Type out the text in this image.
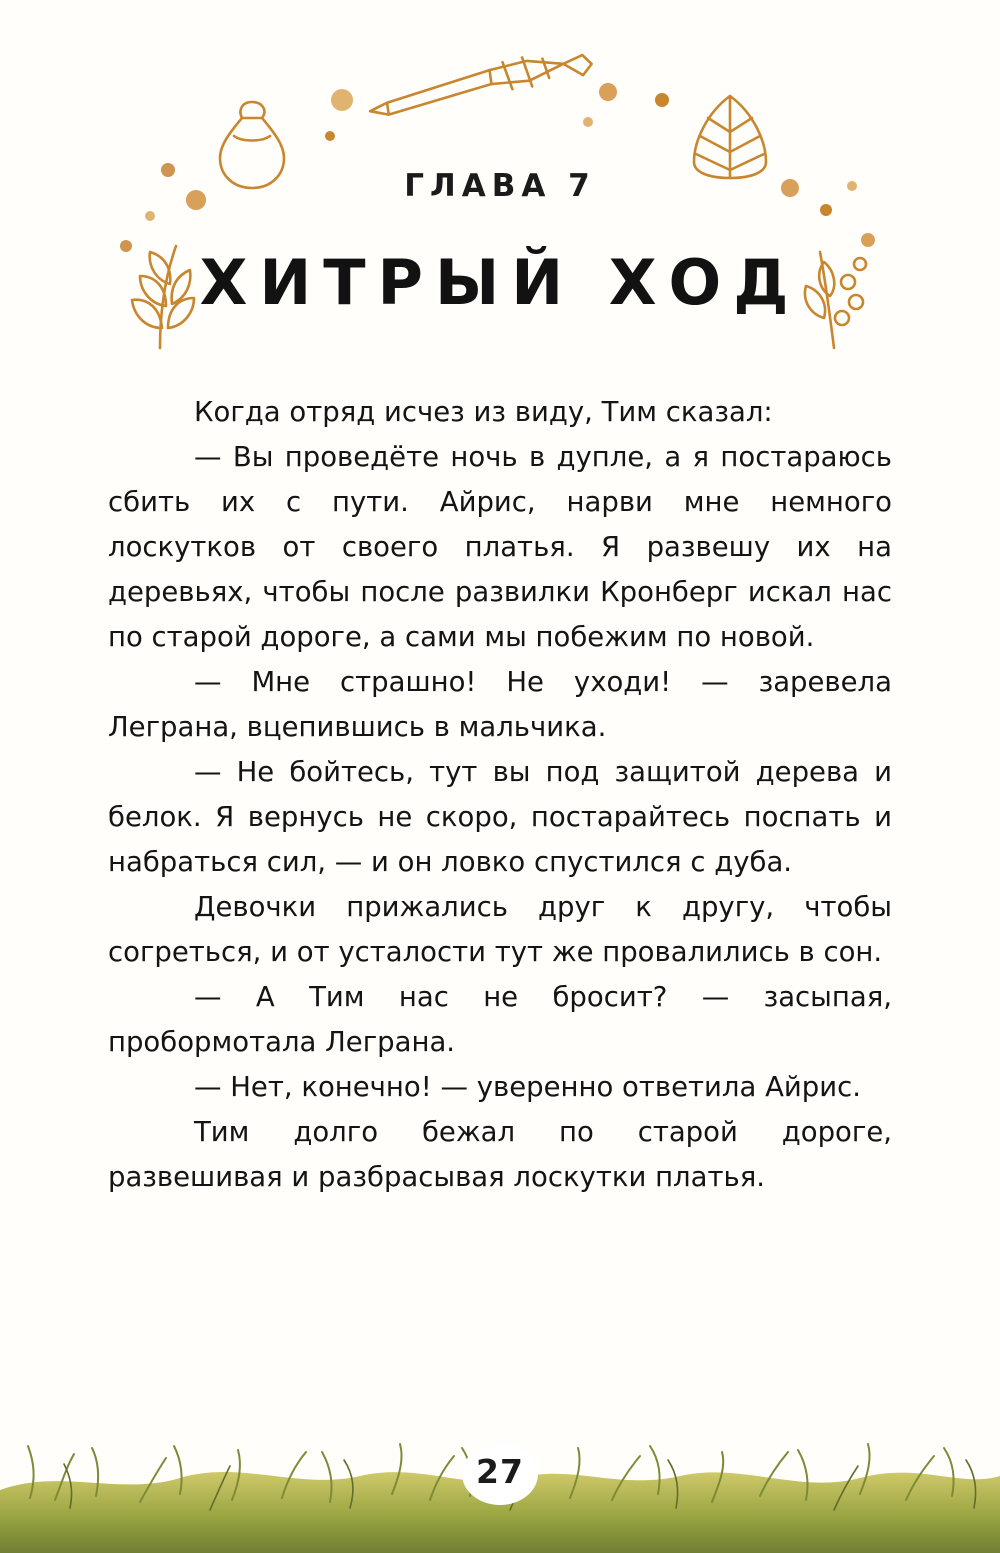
ГЛАВА 7
ХИТРЫЙ ХОД

Когда отряд исчез из виду, Тим сказал:

— Вы проведёте ночь в дупле, а я постараюсь сбить их с пути. Айрис, нарви мне немного лоскутков от своего платья. Я развешу их на деревьях, чтобы после развилки Кронберг искал нас по старой дороге, а сами мы побежим по новой.

— Мне страшно! Не уходи! — заревела Леграна, вцепившись в мальчика.

— Не бойтесь, тут вы под защитой дерева и белок. Я вернусь не скоро, постарайтесь поспать и набраться сил, — и он ловко спустился с дуба.

Девочки прижались друг к другу, чтобы согреться, и от усталости тут же провалились в сон.

— А Тим нас не бросит? — засыпая, пробормотала Леграна.

— Нет, конечно! — уверенно ответила Айрис.

Тим долго бежал по старой дороге, развешивая и разбрасывая лоскутки платья.

27
